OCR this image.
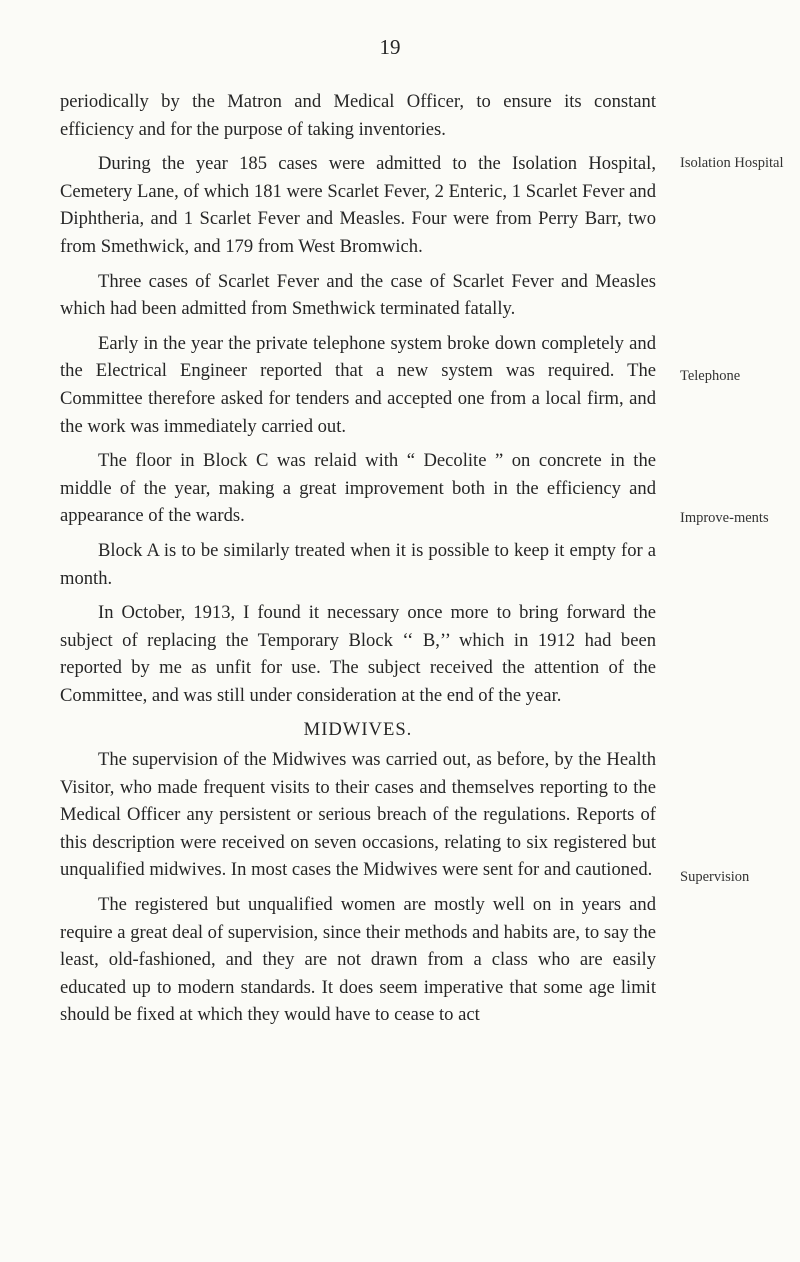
19

periodically by the Matron and Medical Officer, to ensure its constant efficiency and for the purpose of taking inventories.

During the year 185 cases were admitted to the Isolation Hospital, Cemetery Lane, of which 181 were Scarlet Fever, 2 Enteric, 1 Scarlet Fever and Diphtheria, and 1 Scarlet Fever and Measles. Four were from Perry Barr, two from Smethwick, and 179 from West Bromwich.

Three cases of Scarlet Fever and the case of Scarlet Fever and Measles which had been admitted from Smethwick terminated fatally.

Early in the year the private telephone system broke down completely and the Electrical Engineer reported that a new system was required. The Committee therefore asked for tenders and accepted one from a local firm, and the work was immediately carried out.

The floor in Block C was relaid with “ Decolite ” on concrete in the middle of the year, making a great improvement both in the efficiency and appearance of the wards.

Block A is to be similarly treated when it is possible to keep it empty for a month.

In October, 1913, I found it necessary once more to bring forward the subject of replacing the Temporary Block ‘‘ B,’’ which in 1912 had been reported by me as unfit for use. The subject received the attention of the Committee, and was still under consideration at the end of the year.

MIDWIVES.

The supervision of the Midwives was carried out, as before, by the Health Visitor, who made frequent visits to their cases and themselves reporting to the Medical Officer any persistent or serious breach of the regulations. Reports of this description were received on seven occasions, relating to six registered but unqualified midwives. In most cases the Midwives were sent for and cautioned.

The registered but unqualified women are mostly well on in years and require a great deal of supervision, since their methods and habits are, to say the least, old-fashioned, and they are not drawn from a class who are easily educated up to modern standards. It does seem imperative that some age limit should be fixed at which they would have to cease to act

Isolation Hospital
Telephone
Improve-ments
Supervision
